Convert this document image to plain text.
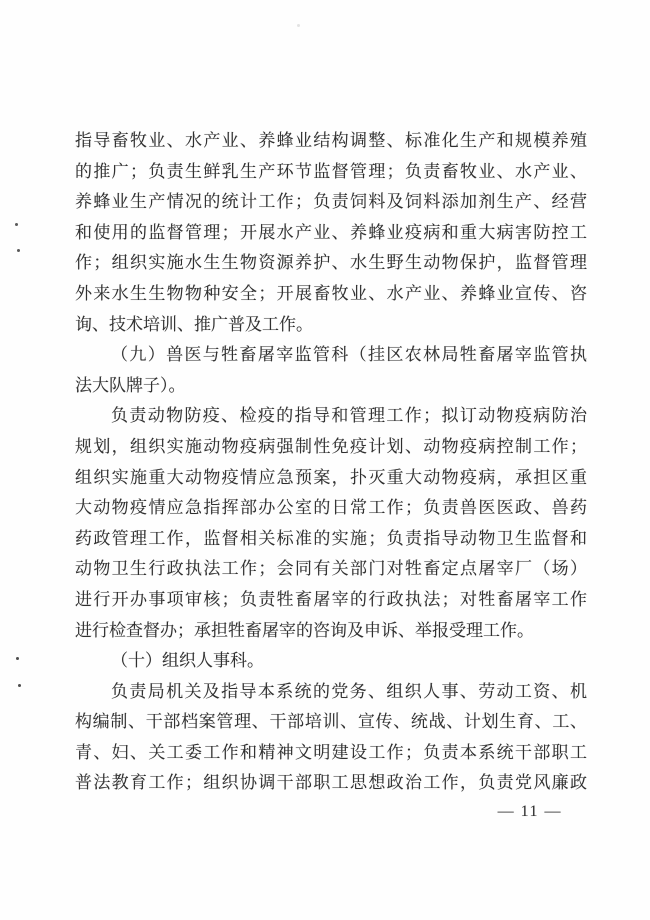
指导畜牧业、水产业、养蜂业结构调整、标准化生产和规模养殖
的推广；负责生鲜乳生产环节监督管理；负责畜牧业、水产业、
养蜂业生产情况的统计工作；负责饲料及饲料添加剂生产、经营
和使用的监督管理；开展水产业、养蜂业疫病和重大病害防控工
作；组织实施水生生物资源养护、水生野生动物保护，监督管理
外来水生生物物种安全；开展畜牧业、水产业、养蜂业宣传、咨
询、技术培训、推广普及工作。
（九）兽医与牲畜屠宰监管科（挂区农林局牲畜屠宰监管执
法大队牌子）。
负责动物防疫、检疫的指导和管理工作；拟订动物疫病防治
规划，组织实施动物疫病强制性免疫计划、动物疫病控制工作；
组织实施重大动物疫情应急预案，扑灭重大动物疫病，承担区重
大动物疫情应急指挥部办公室的日常工作；负责兽医医政、兽药
药政管理工作，监督相关标准的实施；负责指导动物卫生监督和
动物卫生行政执法工作；会同有关部门对牲畜定点屠宰厂（场）
进行开办事项审核；负责牲畜屠宰的行政执法；对牲畜屠宰工作
进行检查督办；承担牲畜屠宰的咨询及申诉、举报受理工作。
（十）组织人事科。
负责局机关及指导本系统的党务、组织人事、劳动工资、机
构编制、干部档案管理、干部培训、宣传、统战、计划生育、工、
青、妇、关工委工作和精神文明建设工作；负责本系统干部职工
普法教育工作；组织协调干部职工思想政治工作，负责党风廉政
— 11 —
